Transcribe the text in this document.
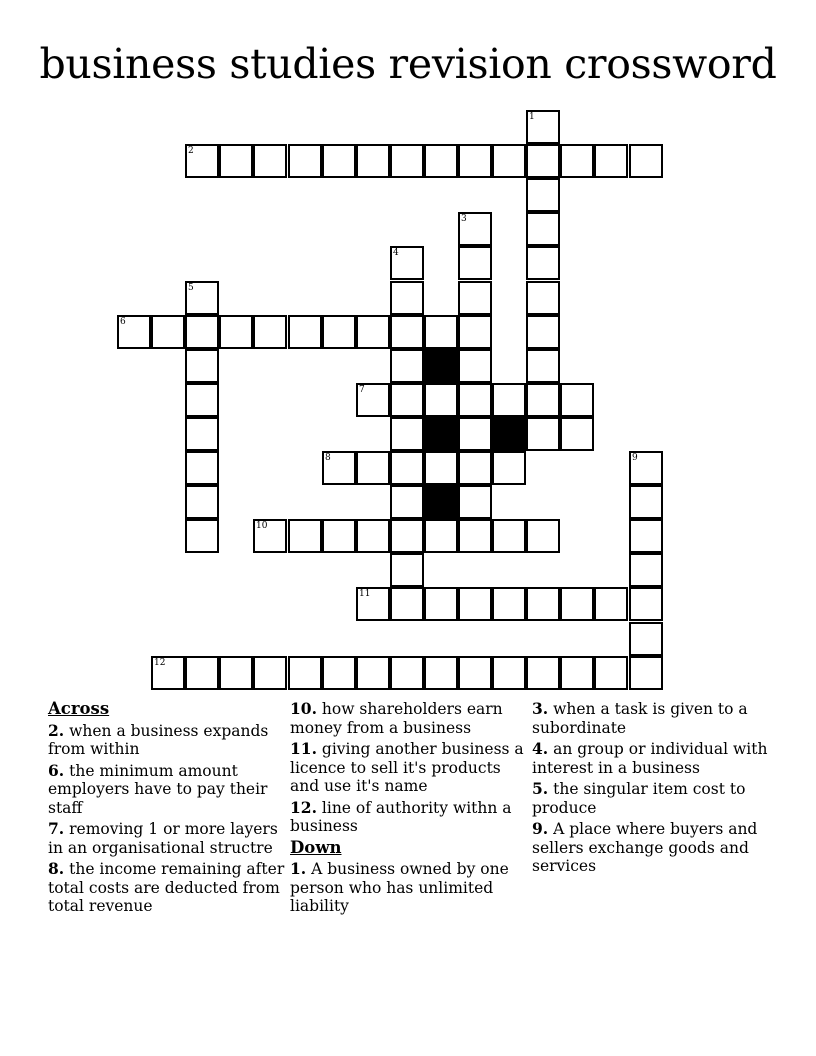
business studies revision crossword
2
6
7
8
10
11
12
1
3
4
5
9
Across
2. when a business expands from within
6. the minimum amount employers have to pay their staff
7. removing 1 or more layers in an organisational structre
8. the income remaining after total costs are deducted from total revenue
10. how shareholders earn money from a business
11. giving another business a licence to sell it's products and use it's name
12. line of authority withn a business
Down
1. A business owned by one person who has unlimited liability
3. when a task is given to a subordinate
4. an group or individual with interest in a business
5. the singular item cost to produce
9. A place where buyers and sellers exchange goods and services
